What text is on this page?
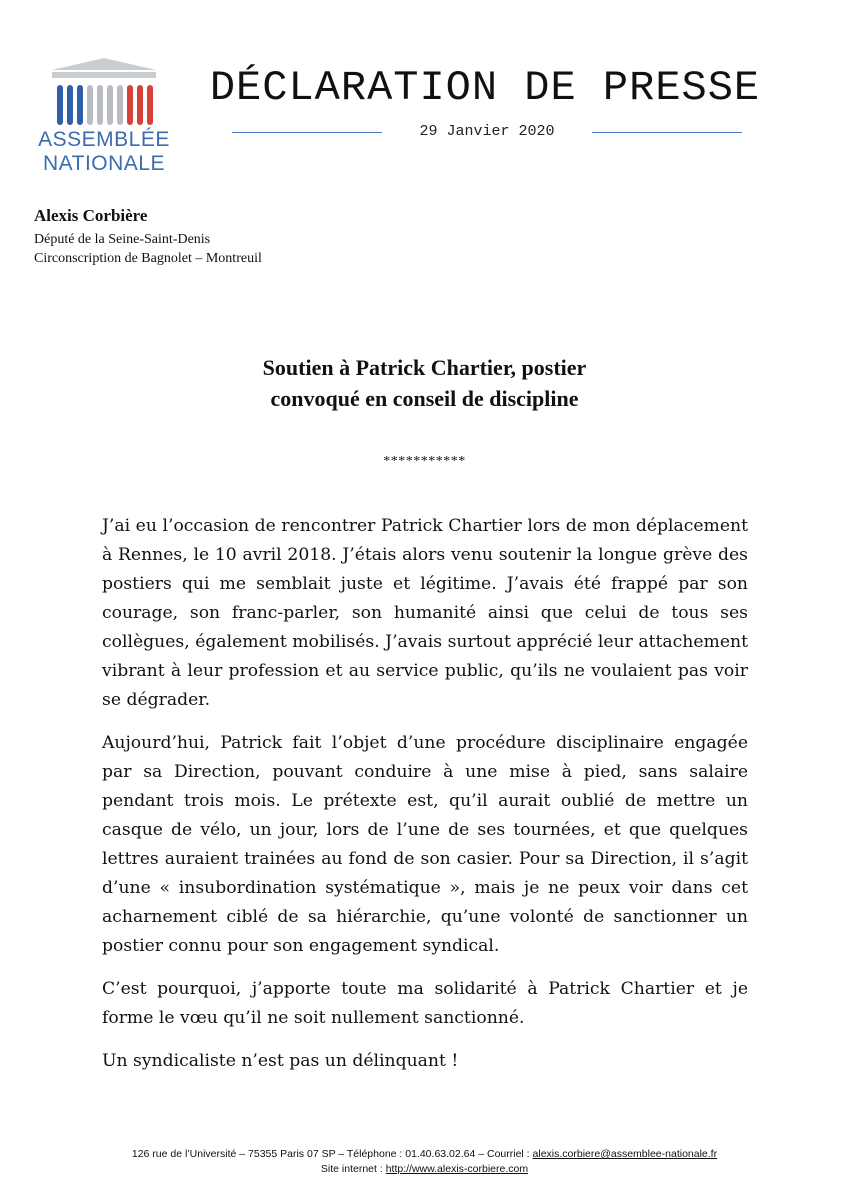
ASSEMBLÉE
NATIONALE
DÉCLARATION DE PRESSE
29 Janvier 2020
Alexis Corbière
Député de la Seine-Saint-Denis
Circonscription de Bagnolet – Montreuil
Soutien à Patrick Chartier, postier
convoqué en conseil de discipline
***********

J’ai eu l’occasion de rencontrer Patrick Chartier lors de mon déplacement à Rennes, le 10 avril 2018. J’étais alors venu soutenir la longue grève des postiers qui me semblait juste et légitime. J’avais été frappé par son courage, son franc-parler, son humanité ainsi que celui de tous ses collègues, également mobilisés. J’avais surtout apprécié leur attachement vibrant à leur profession et au service public, qu’ils ne voulaient pas voir se dégrader.

Aujourd’hui, Patrick fait l’objet d’une procédure disciplinaire engagée par sa Direction, pouvant conduire à une mise à pied, sans salaire pendant trois mois. Le prétexte est, qu’il aurait oublié de mettre un casque de vélo, un jour, lors de l’une de ses tournées, et que quelques lettres auraient trainées au fond de son casier. Pour sa Direction, il s’agit d’une « insubordination systématique », mais je ne peux voir dans cet acharnement ciblé de sa hiérarchie, qu’une volonté de sanctionner un postier connu pour son engagement syndical.

C’est pourquoi, j’apporte toute ma solidarité à Patrick Chartier et je forme le vœu qu’il ne soit nullement sanctionné.

Un syndicaliste n’est pas un délinquant !

126 rue de l’Université – 75355 Paris 07 SP – Téléphone : 01.40.63.02.64 – Courriel : alexis.corbiere@assemblee-nationale.fr
Site internet : http://www.alexis-corbiere.com
